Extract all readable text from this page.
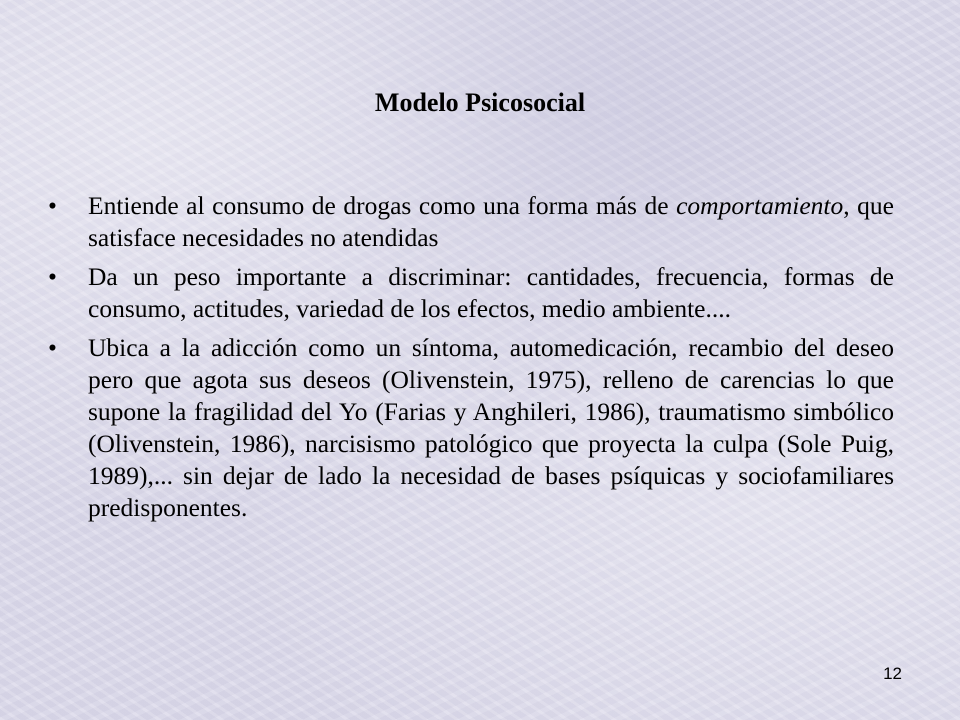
Modelo Psicosocial
•	Entiende al consumo de drogas como una forma más de comportamiento, que satisface necesidades no atendidas
•	Da un peso importante a discriminar: cantidades, frecuencia, formas de consumo, actitudes, variedad de los efectos, medio ambiente....
•	Ubica a la adicción como un síntoma, automedicación, recambio del deseo pero que agota sus deseos (Olivenstein, 1975), relleno de carencias lo que supone la fragilidad del Yo (Farias y Anghileri, 1986), traumatismo simbólico (Olivenstein, 1986), narcisismo patológico que proyecta la culpa (Sole Puig, 1989),... sin dejar de lado la necesidad de bases psíquicas y sociofamiliares predisponentes.
12
